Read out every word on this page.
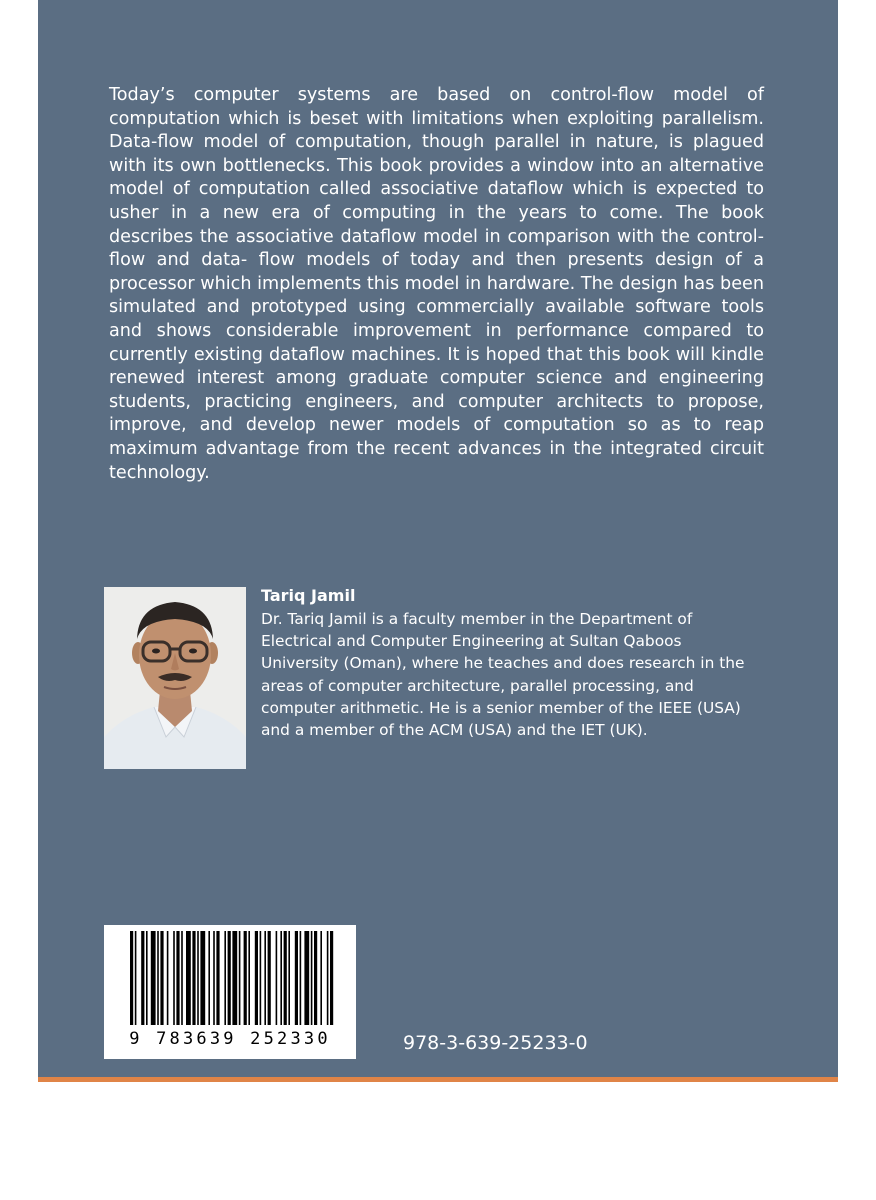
Today’s computer systems are based on control-flow model of computation which is beset with limitations when exploiting parallelism. Data-flow model of computation, though parallel in nature, is plagued with its own bottlenecks. This book provides a window into an alternative model of computation called associative dataflow which is expected to usher in a new era of computing in the years to come. The book describes the associative dataflow model in comparison with the control-flow and data- flow models of today and then presents design of a processor which implements this model in hardware. The design has been simulated and prototyped using commercially available software tools and shows considerable improvement in performance compared to currently existing dataflow machines. It is hoped that this book will kindle renewed interest among graduate computer science and engineering students, practicing engineers, and computer architects to propose, improve, and develop newer models of computation so as to reap maximum advantage from the recent advances in the integrated circuit technology.

Tariq Jamil

Dr. Tariq Jamil is a faculty member in the Department of Electrical and Computer Engineering at Sultan Qaboos University (Oman), where he teaches and does research in the areas of computer architecture, parallel processing, and computer arithmetic. He is a senior member of the IEEE (USA) and a member of the ACM (USA) and the IET (UK).

9 783639 252330	978-3-639-25233-0
